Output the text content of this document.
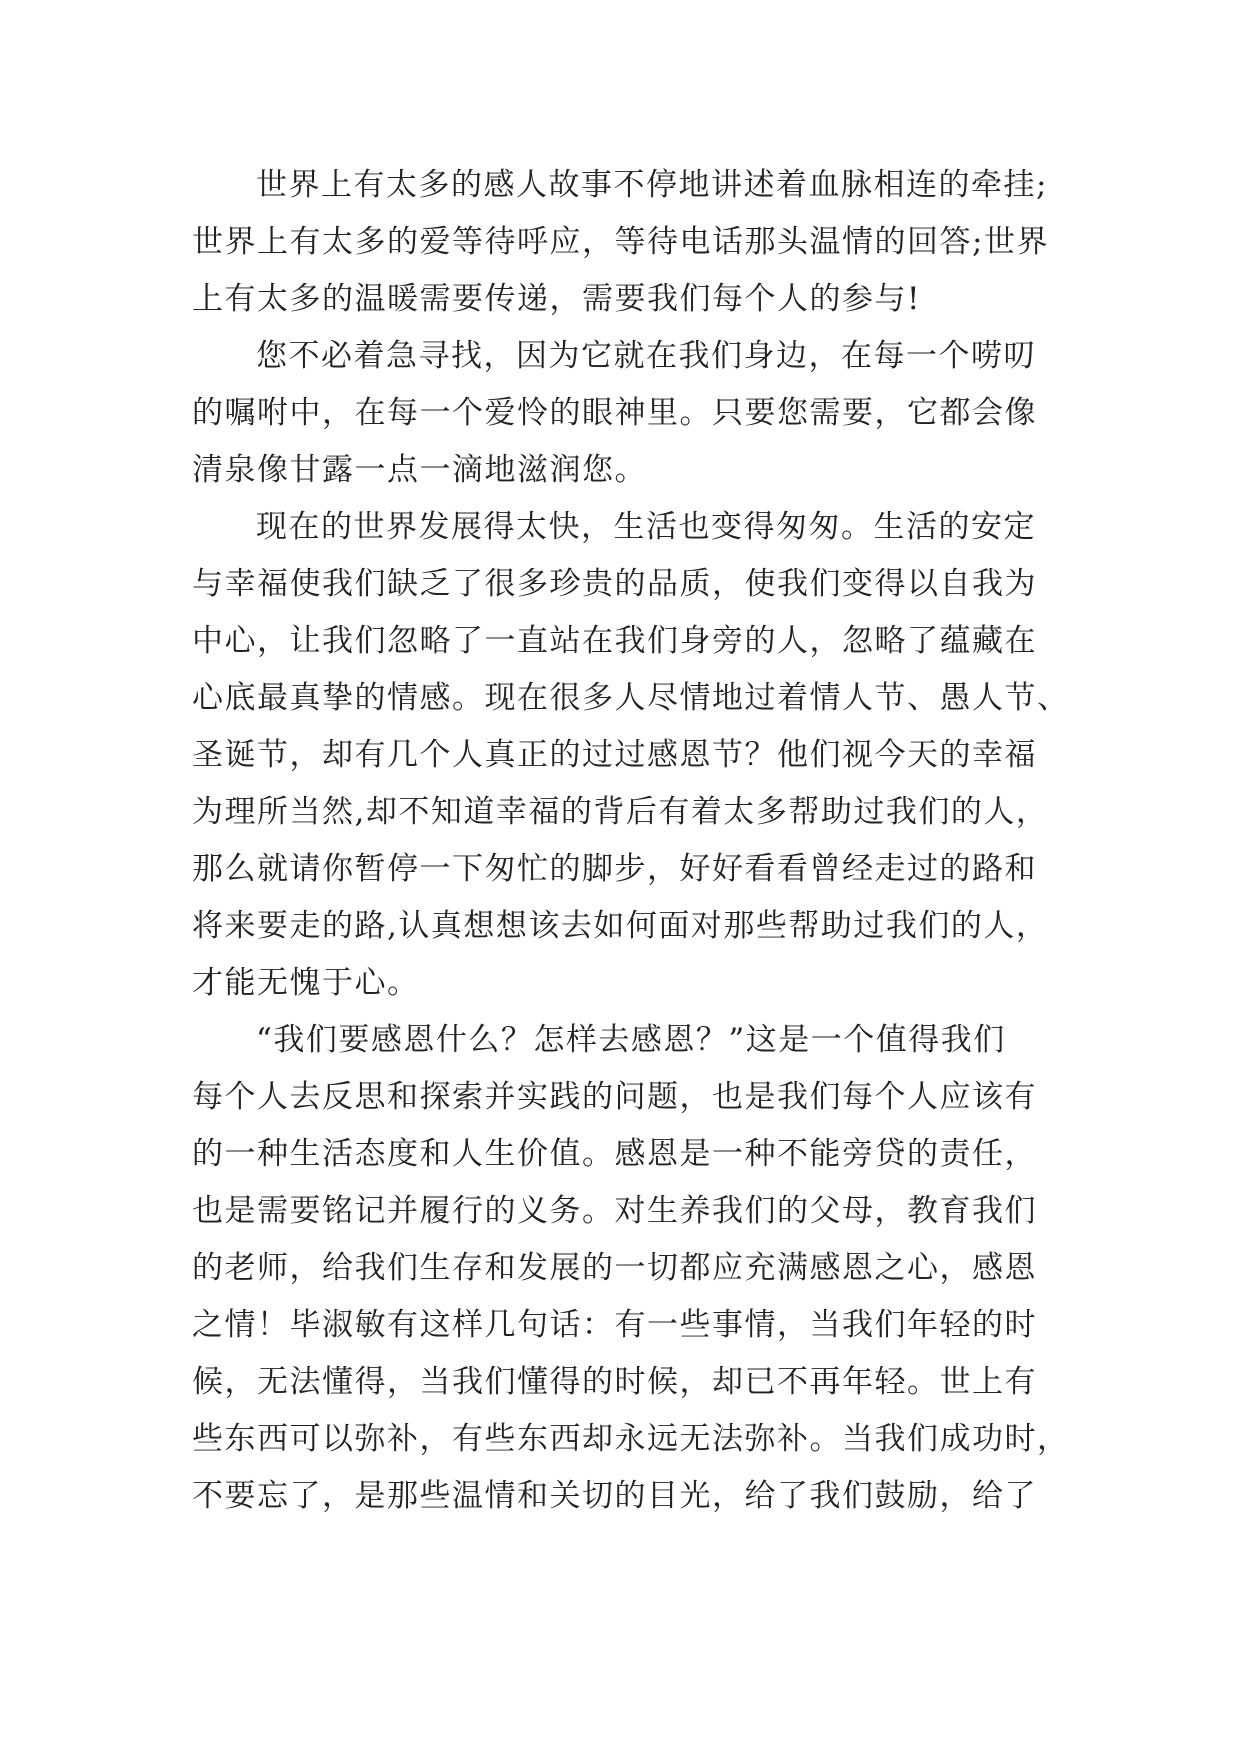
世界上有太多的感人故事不停地讲述着血脉相连的牵挂;
世界上有太多的爱等待呼应，等待电话那头温情的回答;世界
上有太多的温暖需要传递，需要我们每个人的参与!
您不必着急寻找，因为它就在我们身边，在每一个唠叨
的嘱咐中，在每一个爱怜的眼神里。只要您需要，它都会像
清泉像甘露一点一滴地滋润您。
现在的世界发展得太快，生活也变得匆匆。生活的安定
与幸福使我们缺乏了很多珍贵的品质，使我们变得以自我为
中心，让我们忽略了一直站在我们身旁的人，忽略了蕴藏在
心底最真挚的情感。现在很多人尽情地过着情人节、愚人节、
圣诞节，却有几个人真正的过过感恩节？他们视今天的幸福
为理所当然,却不知道幸福的背后有着太多帮助过我们的人，
那么就请你暂停一下匆忙的脚步，好好看看曾经走过的路和
将来要走的路,认真想想该去如何面对那些帮助过我们的人，
才能无愧于心。
“我们要感恩什么？怎样去感恩？”这是一个值得我们
每个人去反思和探索并实践的问题，也是我们每个人应该有
的一种生活态度和人生价值。感恩是一种不能旁贷的责任，
也是需要铭记并履行的义务。对生养我们的父母，教育我们
的老师，给我们生存和发展的一切都应充满感恩之心，感恩
之情！毕淑敏有这样几句话：有一些事情，当我们年轻的时
候，无法懂得，当我们懂得的时候，却已不再年轻。世上有
些东西可以弥补，有些东西却永远无法弥补。当我们成功时，
不要忘了，是那些温情和关切的目光，给了我们鼓励，给了
